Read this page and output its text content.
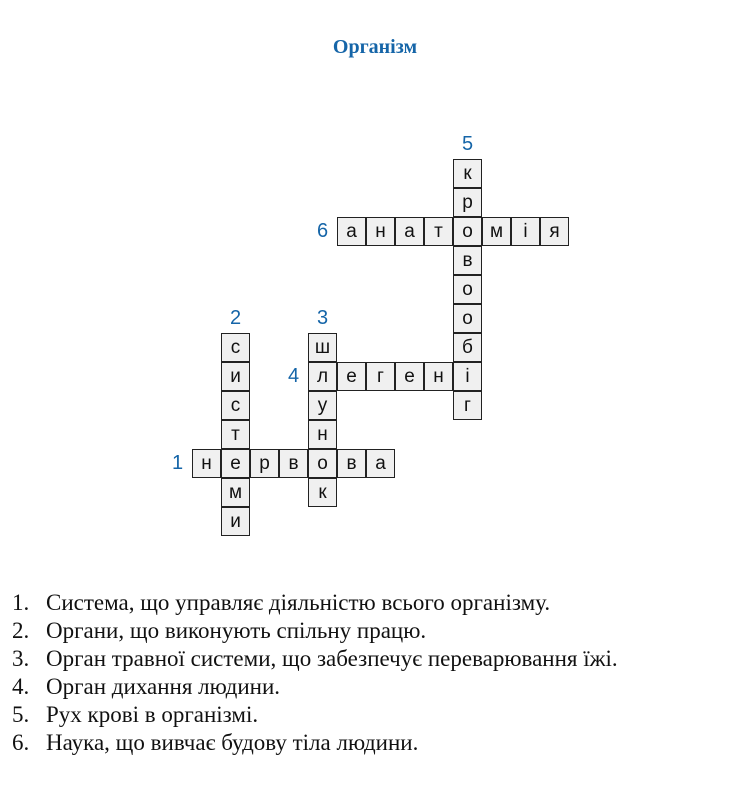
Організм
1 н е р в о в а
2
с
и
с
т
м
и
3
ш
л
у
н
к
4	е	г	е н	і
5
к
р
о
в
о
о
б
г
6 а н а	т	м	і	я
1. Система, що управляє діяльністю всього організму.
2. Органи, що виконують спільну працю.
3. Орган травної системи, що забезпечує переварювання їжі.
4. Орган дихання людини.
5. Рух крові в організмі.
6. Наука, що вивчає будову тіла людини.
